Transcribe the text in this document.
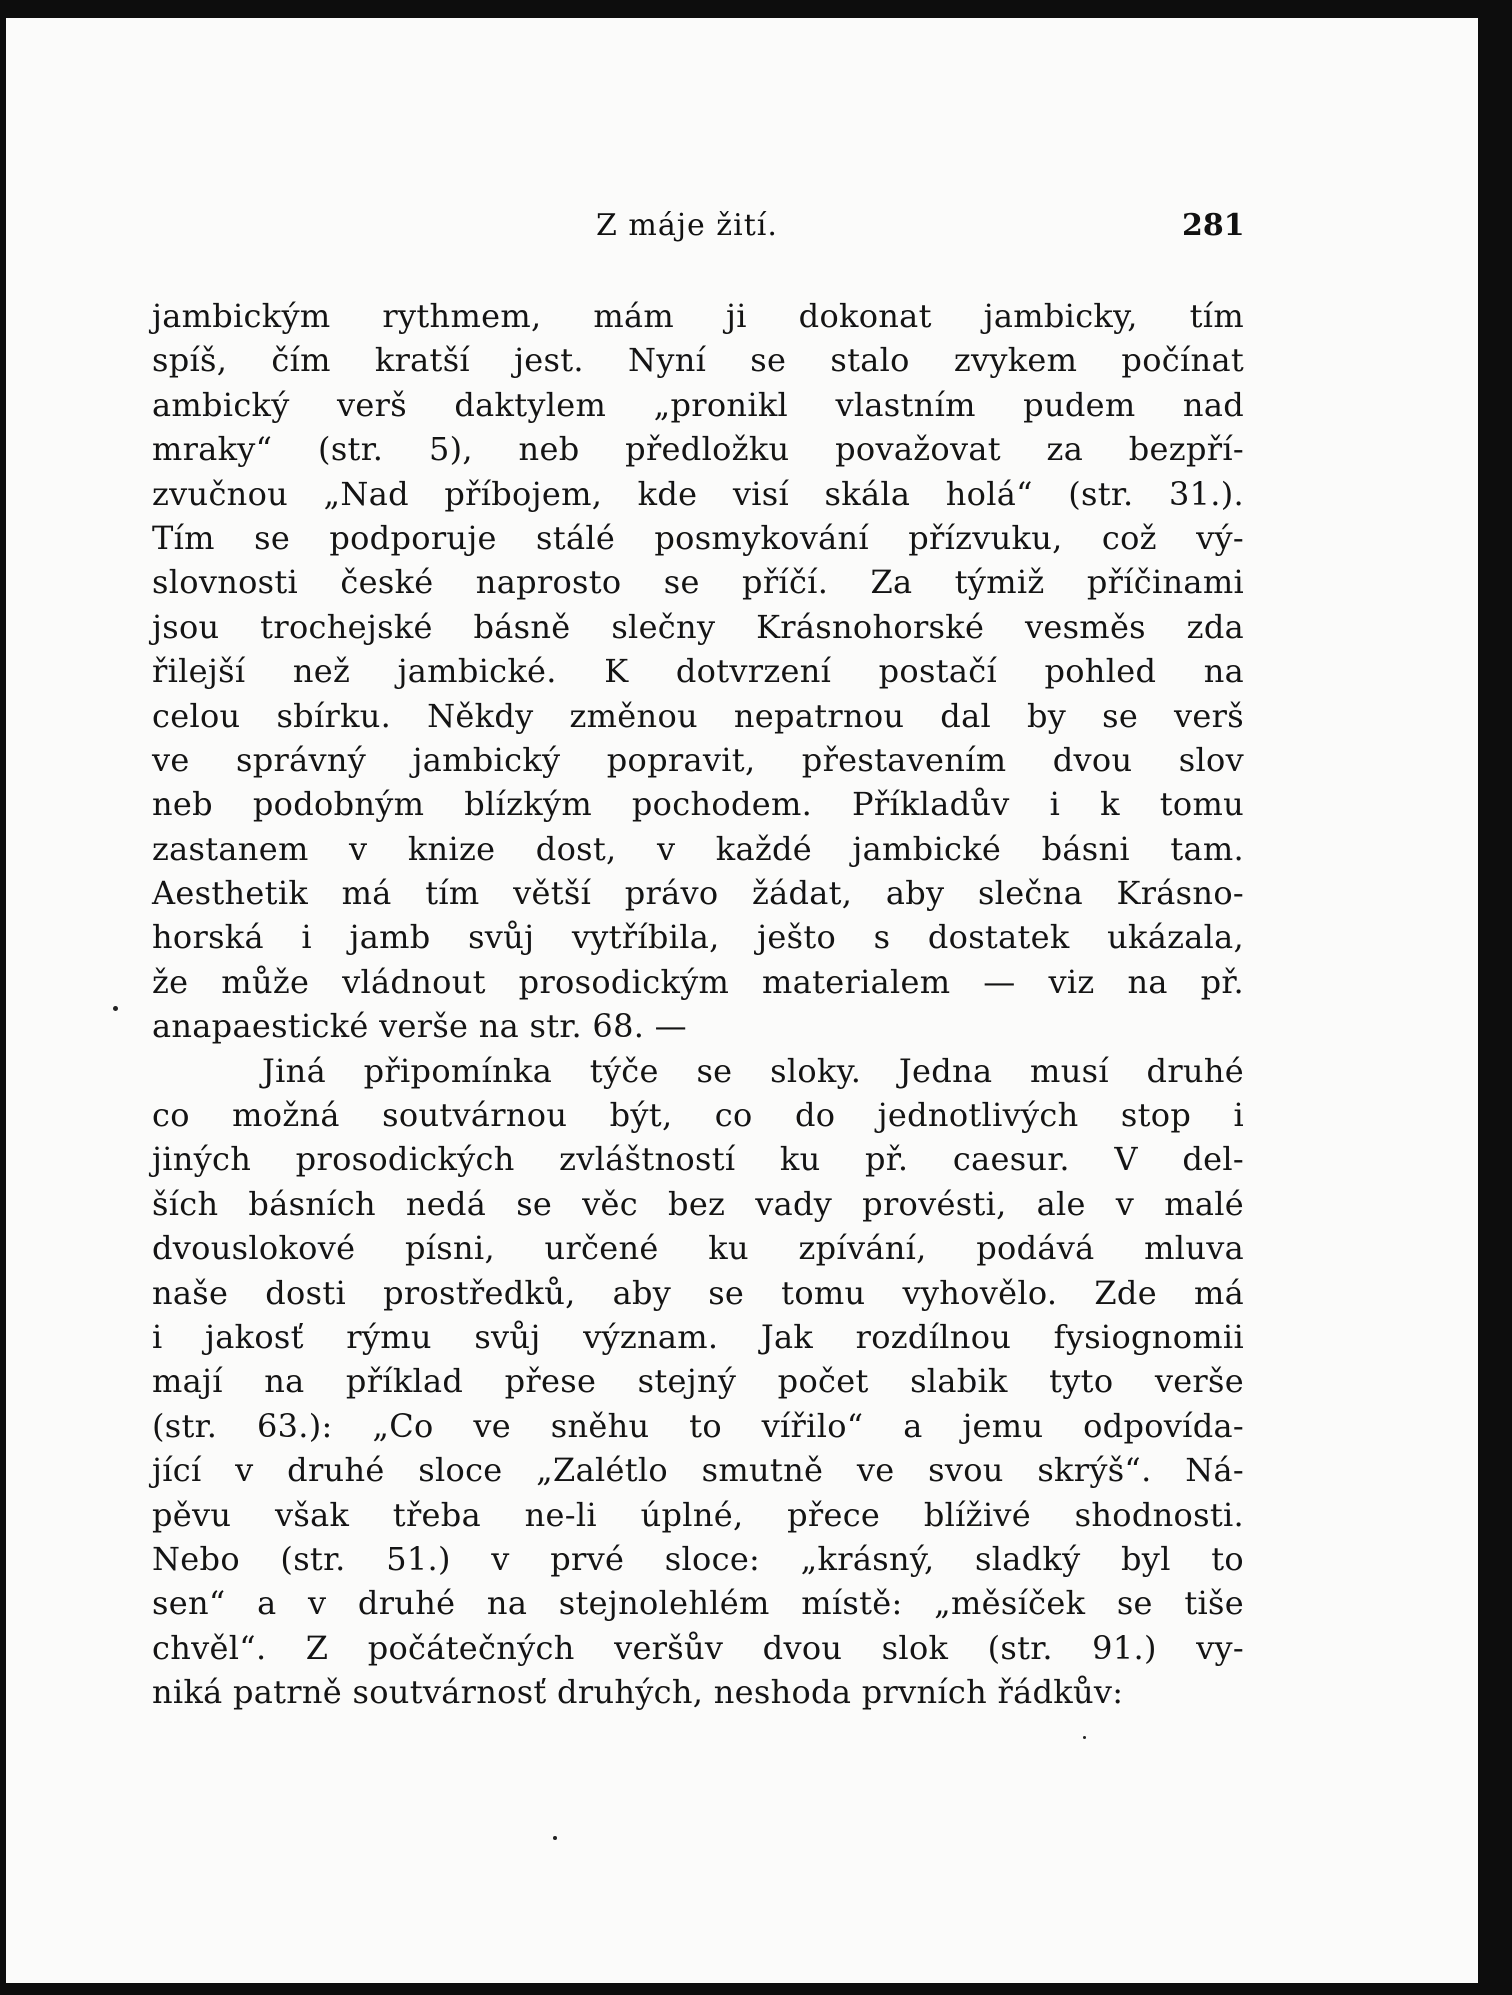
Z máje žití.	281
jambickým rythmem, mám ji dokonat jambicky, tím
spíš, čím kratší jest. Nyní se stalo zvykem počínat
ambický verš daktylem „pronikl vlastním pudem nad
mraky“ (str. 5), neb předložku považovat za bezpří-
zvučnou „Nad příbojem, kde visí skála holá“ (str. 31.).
Tím se podporuje stálé posmykování přízvuku, což vý-
slovnosti české naprosto se příčí. Za týmiž příčinami
jsou trochejské básně slečny Krásnohorské vesměs zda
řilejší než jambické. K dotvrzení postačí pohled na
celou sbírku. Někdy změnou nepatrnou dal by se verš
ve správný jambický popravit, přestavením dvou slov
neb podobným blízkým pochodem. Příkladův i k tomu
zastanem v knize dost, v každé jambické básni tam.
Aesthetik má tím větší právo žádat, aby slečna Krásno-
horská i jamb svůj vytříbila, ješto s dostatek ukázala,
že může vládnout prosodickým materialem — viz na př.
anapaestické verše na str. 68. —
Jiná připomínka týče se sloky. Jedna musí druhé
co možná soutvárnou být, co do jednotlivých stop i
jiných prosodických zvláštností ku př. caesur. V del-
ších básních nedá se věc bez vady provésti, ale v malé
dvouslokové písni, určené ku zpívání, podává mluva
naše dosti prostředků, aby se tomu vyhovělo. Zde má
i jakosť rýmu svůj význam. Jak rozdílnou fysiognomii
mají na příklad přese stejný počet slabik tyto verše
(str. 63.): „Co ve sněhu to vířilo“ a jemu odpovída-
jící v druhé sloce „Zalétlo smutně ve svou skrýš“. Ná-
pěvu však třeba ne-li úplné, přece blíživé shodnosti.
Nebo (str. 51.) v prvé sloce: „krásný, sladký byl to
sen“ a v druhé na stejnolehlém místě: „měsíček se tiše
chvěl“. Z počátečných veršův dvou slok (str. 91.) vy-
niká patrně soutvárnosť druhých, neshoda prvních řádkův:
